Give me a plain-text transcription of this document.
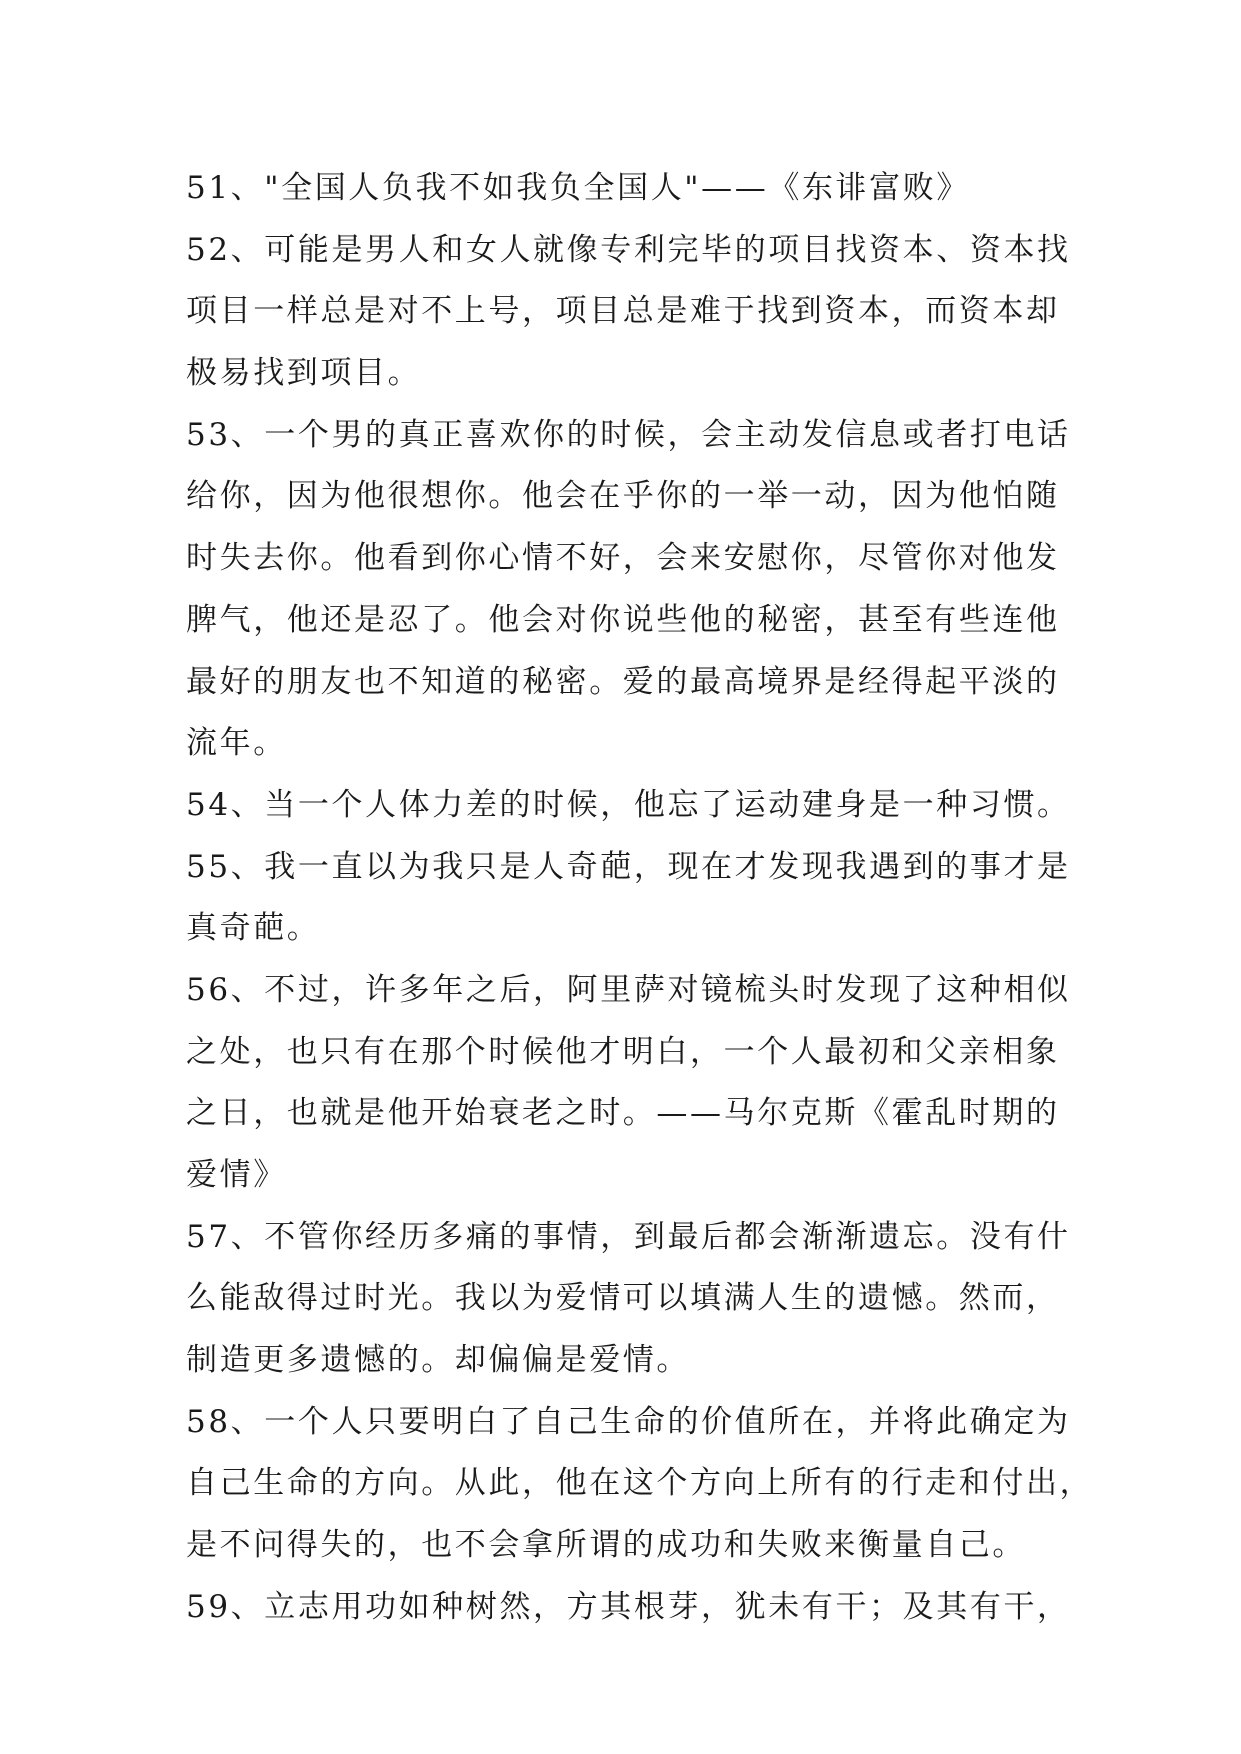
51、"全国人负我不如我负全国人"——《东诽富败》
52、可能是男人和女人就像专利完毕的项目找资本、资本找
项目一样总是对不上号，项目总是难于找到资本，而资本却
极易找到项目。
53、一个男的真正喜欢你的时候，会主动发信息或者打电话
给你，因为他很想你。他会在乎你的一举一动，因为他怕随
时失去你。他看到你心情不好，会来安慰你，尽管你对他发
脾气，他还是忍了。他会对你说些他的秘密，甚至有些连他
最好的朋友也不知道的秘密。爱的最高境界是经得起平淡的
流年。
54、当一个人体力差的时候，他忘了运动建身是一种习惯。
55、我一直以为我只是人奇葩，现在才发现我遇到的事才是
真奇葩。
56、不过，许多年之后，阿里萨对镜梳头时发现了这种相似
之处，也只有在那个时候他才明白，一个人最初和父亲相象
之日，也就是他开始衰老之时。——马尔克斯《霍乱时期的
爱情》
57、不管你经历多痛的事情，到最后都会渐渐遗忘。没有什
么能敌得过时光。我以为爱情可以填满人生的遗憾。然而，
制造更多遗憾的。却偏偏是爱情。
58、一个人只要明白了自己生命的价值所在，并将此确定为
自己生命的方向。从此，他在这个方向上所有的行走和付出，
是不问得失的，也不会拿所谓的成功和失败来衡量自己。
59、立志用功如种树然，方其根芽，犹未有干；及其有干，
